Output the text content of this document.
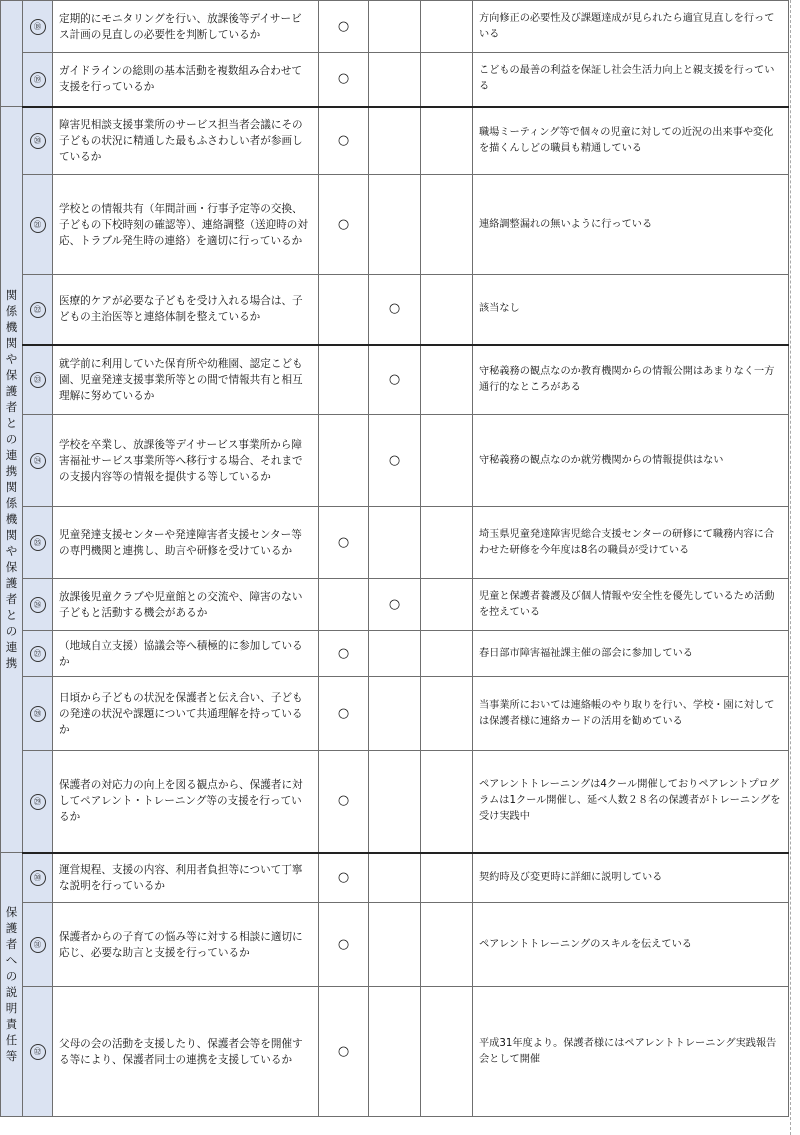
	⑱	定期的にモニタリングを行い、放課後等デイサービス計画の見直しの必要性を判断しているか	○			方向修正の必要性及び課題達成が見られたら適宜見直しを行っている
	⑲	ガイドラインの総則の基本活動を複数組み合わせて支援を行っているか	○			こどもの最善の利益を保証し社会生活力向上と親支援を行っている
関係機関や保護者との連携関係機関や保護者との連携	⑳	障害児相談支援事業所のサービス担当者会議にその子どもの状況に精通した最もふさわしい者が参画しているか	○			職場ミーティング等で個々の児童に対しての近況の出来事や変化を描くんしどの職員も精通している
	㉑	学校との情報共有（年間計画・行事予定等の交換、子どもの下校時刻の確認等）、連絡調整（送迎時の対応、トラブル発生時の連絡）を適切に行っているか	○			連絡調整漏れの無いように行っている
	㉒	医療的ケアが必要な子どもを受け入れる場合は、子どもの主治医等と連絡体制を整えているか		○		該当なし
	㉓	就学前に利用していた保育所や幼稚園、認定こども園、児童発達支援事業所等との間で情報共有と相互理解に努めているか		○		守秘義務の観点なのか教育機関からの情報公開はあまりなく一方通行的なところがある
	㉔	学校を卒業し、放課後等デイサービス事業所から障害福祉サービス事業所等へ移行する場合、それまでの支援内容等の情報を提供する等しているか		○		守秘義務の観点なのか就労機関からの情報提供はない
	㉕	児童発達支援センターや発達障害者支援センター等の専門機関と連携し、助言や研修を受けているか	○			埼玉県児童発達障害児総合支援センターの研修にて職務内容に合わせた研修を今年度は8名の職員が受けている
	㉖	放課後児童クラブや児童館との交流や、障害のない子どもと活動する機会があるか		○		児童と保護者養護及び個人情報や安全性を優先しているため活動を控えている
	㉗	（地域自立支援）協議会等へ積極的に参加しているか	○			春日部市障害福祉課主催の部会に参加している
	㉘	日頃から子どもの状況を保護者と伝え合い、子どもの発達の状況や課題について共通理解を持っているか	○			当事業所においては連絡帳のやり取りを行い、学校・園に対しては保護者様に連絡カードの活用を勧めている
	㉙	保護者の対応力の向上を図る観点から、保護者に対してペアレント・トレーニング等の支援を行っているか	○			ペアレントトレーニングは4クール開催しておりペアレントプログラムは1クール開催し、延べ人数２８名の保護者がトレーニングを受け実践中
保護者への説明責任等	㉚	運営規程、支援の内容、利用者負担等について丁寧な説明を行っているか	○			契約時及び変更時に詳細に説明している
	㉛	保護者からの子育ての悩み等に対する相談に適切に応じ、必要な助言と支援を行っているか	○			ペアレントトレーニングのスキルを伝えている
	㉜	父母の会の活動を支援したり、保護者会等を開催する等により、保護者同士の連携を支援しているか	○			平成31年度より。保護者様にはペアレントトレーニング実践報告会として開催
